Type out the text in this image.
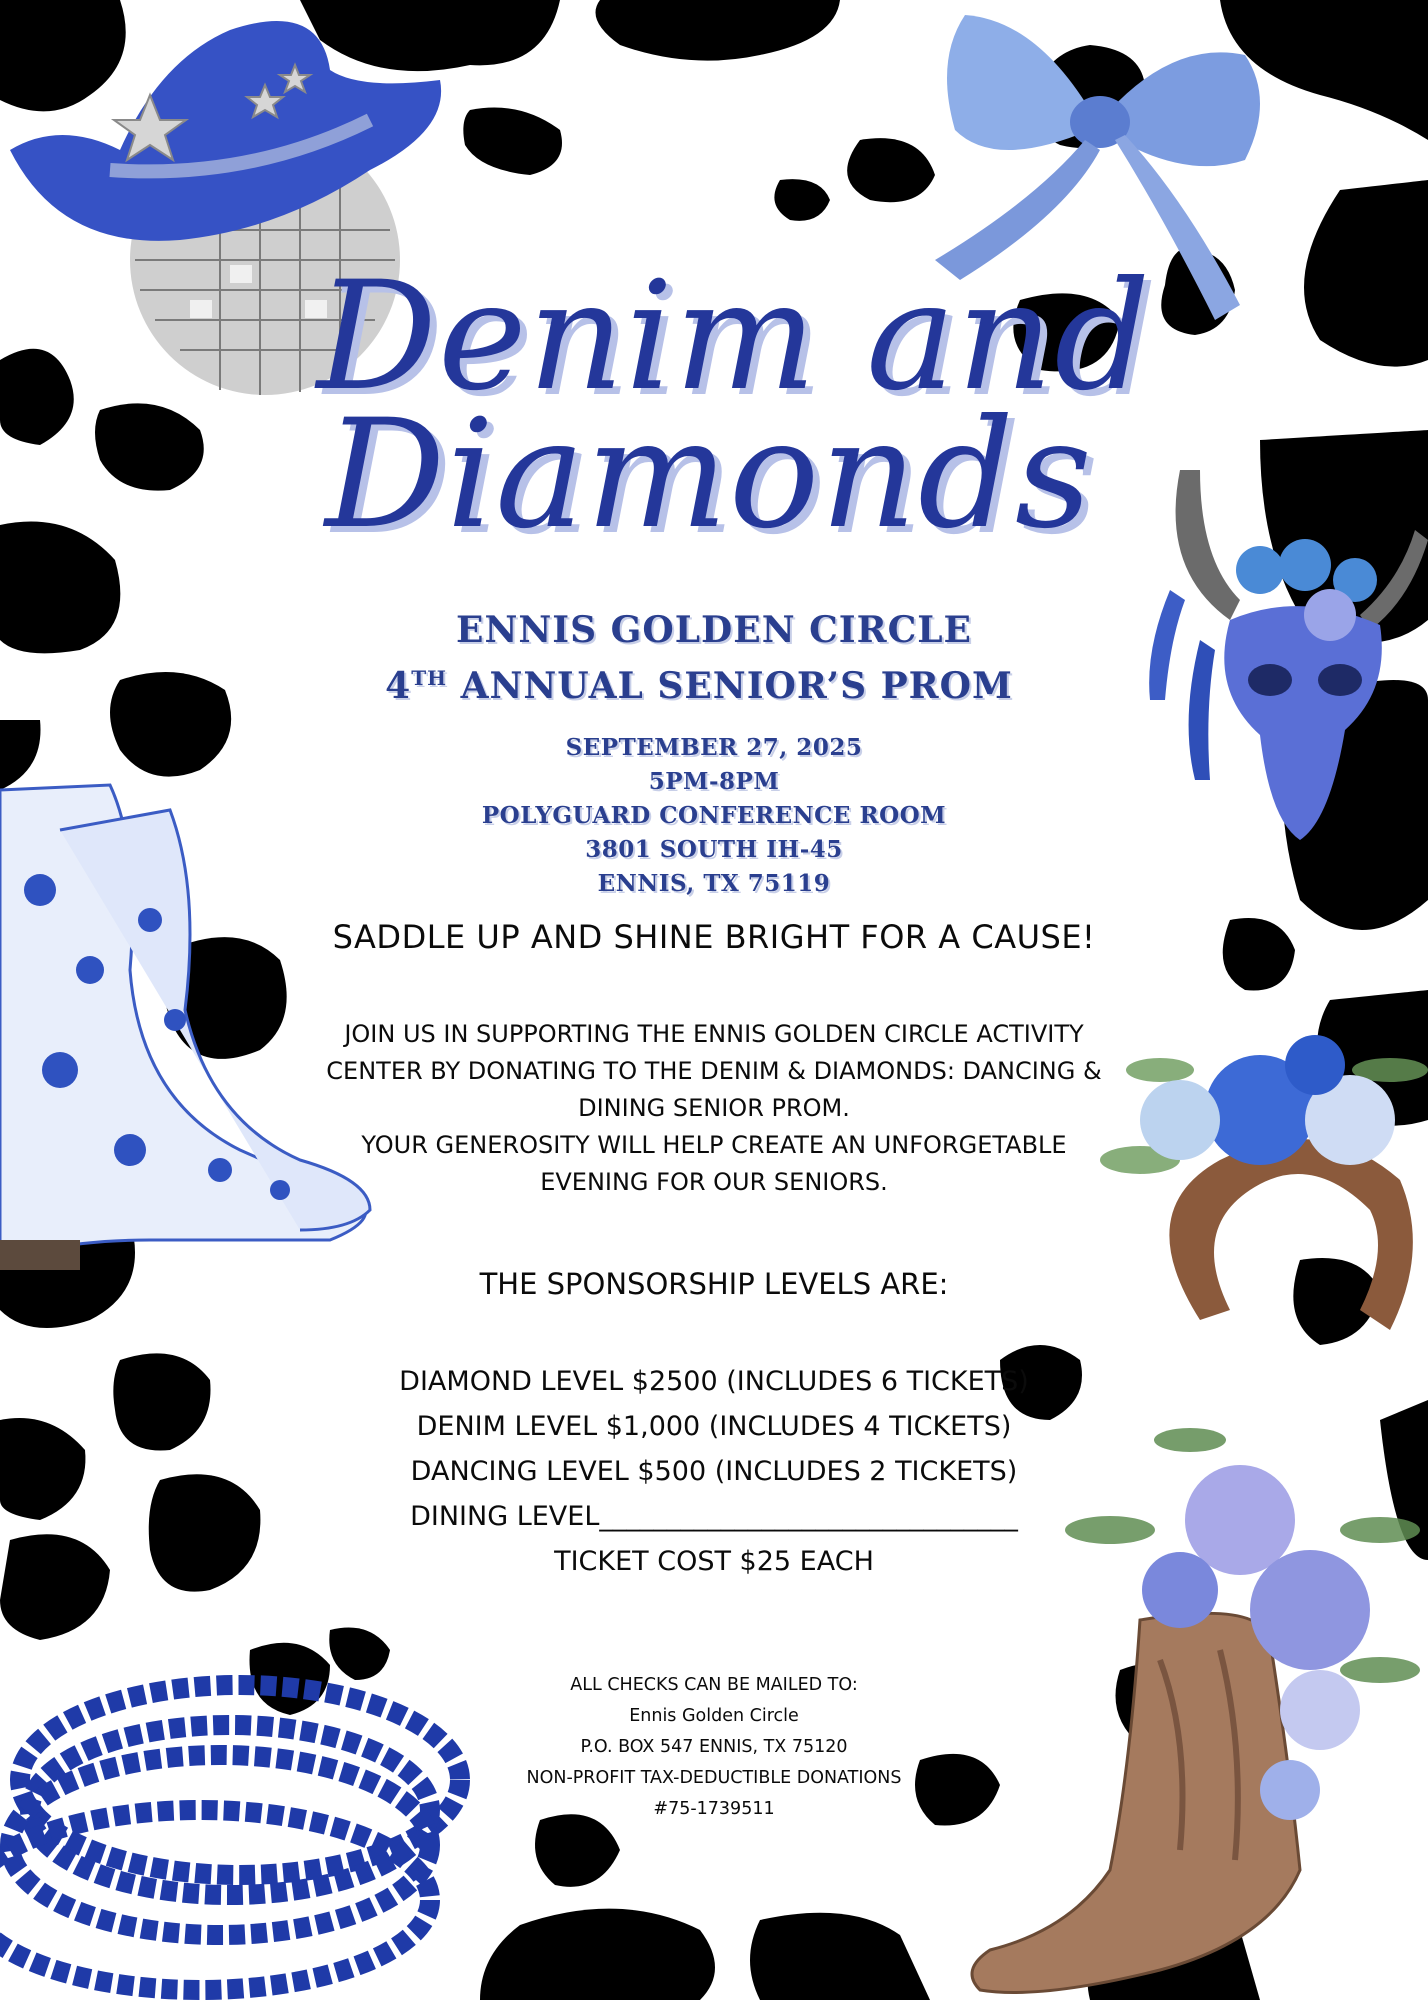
Denim and
Diamonds
ENNIS GOLDEN CIRCLE
4TH ANNUAL SENIOR’S PROM
SEPTEMBER 27, 2025
5PM-8PM
POLYGUARD CONFERENCE ROOM
3801 SOUTH IH-45
ENNIS, TX 75119
SADDLE UP AND SHINE BRIGHT FOR A CAUSE!
JOIN US IN SUPPORTING THE ENNIS GOLDEN CIRCLE ACTIVITY
CENTER BY DONATING TO THE DENIM & DIAMONDS: DANCING &
DINING SENIOR PROM.
YOUR GENEROSITY WILL HELP CREATE AN UNFORGETABLE
EVENING FOR OUR SENIORS.
THE SPONSORSHIP LEVELS ARE:
DIAMOND LEVEL $2500 (INCLUDES 6 TICKETS)
DENIM LEVEL $1,000 (INCLUDES 4 TICKETS)
DANCING LEVEL $500 (INCLUDES 2 TICKETS)
DINING LEVEL_______________________________
TICKET COST $25 EACH
ALL CHECKS CAN BE MAILED TO:
Ennis Golden Circle
P.O. BOX 547 ENNIS, TX 75120
NON-PROFIT TAX-DEDUCTIBLE DONATIONS
#75-1739511
